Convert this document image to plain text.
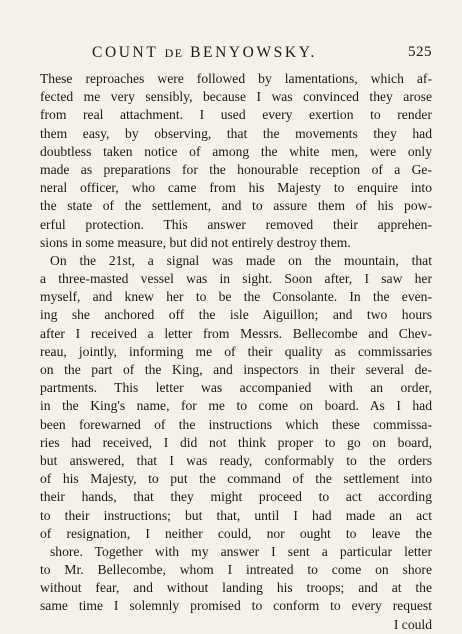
COUNT DE BENYOWSKY.	525
These reproaches were followed by lamentations, which af-
fected me very sensibly, because I was convinced they arose
from real attachment. I used every exertion to render
them easy, by observing, that the movements they had
doubtless taken notice of among the white men, were only
made as preparations for the honourable reception of a Ge-
neral officer, who came from his Majesty to enquire into
the state of the settlement, and to assure them of his pow-
erful protection. This answer removed their apprehen-
sions in some measure, but did not entirely destroy them.
On the 21st, a signal was made on the mountain, that
a three-masted vessel was in sight. Soon after, I saw her
myself, and knew her to be the Consolante. In the even-
ing she anchored off the isle Aiguillon; and two hours
after I received a letter from Messrs. Bellecombe and Chev-
reau, jointly, informing me of their quality as commissaries
on the part of the King, and inspectors in their several de-
partments. This letter was accompanied with an order,
in the King's name, for me to come on board. As I had
been forewarned of the instructions which these commissa-
ries had received, I did not think proper to go on board,
but answered, that I was ready, conformably to the orders
of his Majesty, to put the command of the settlement into
their hands, that they might proceed to act according
to their instructions; but that, until I had made an act
of resignation, I neither could, nor ought to leave the
shore. Together with my answer I sent a particular letter
to Mr. Bellecombe, whom I intreated to come on shore
without fear, and without landing his troops; and at the
same time I solemnly promised to conform to every request
I could
